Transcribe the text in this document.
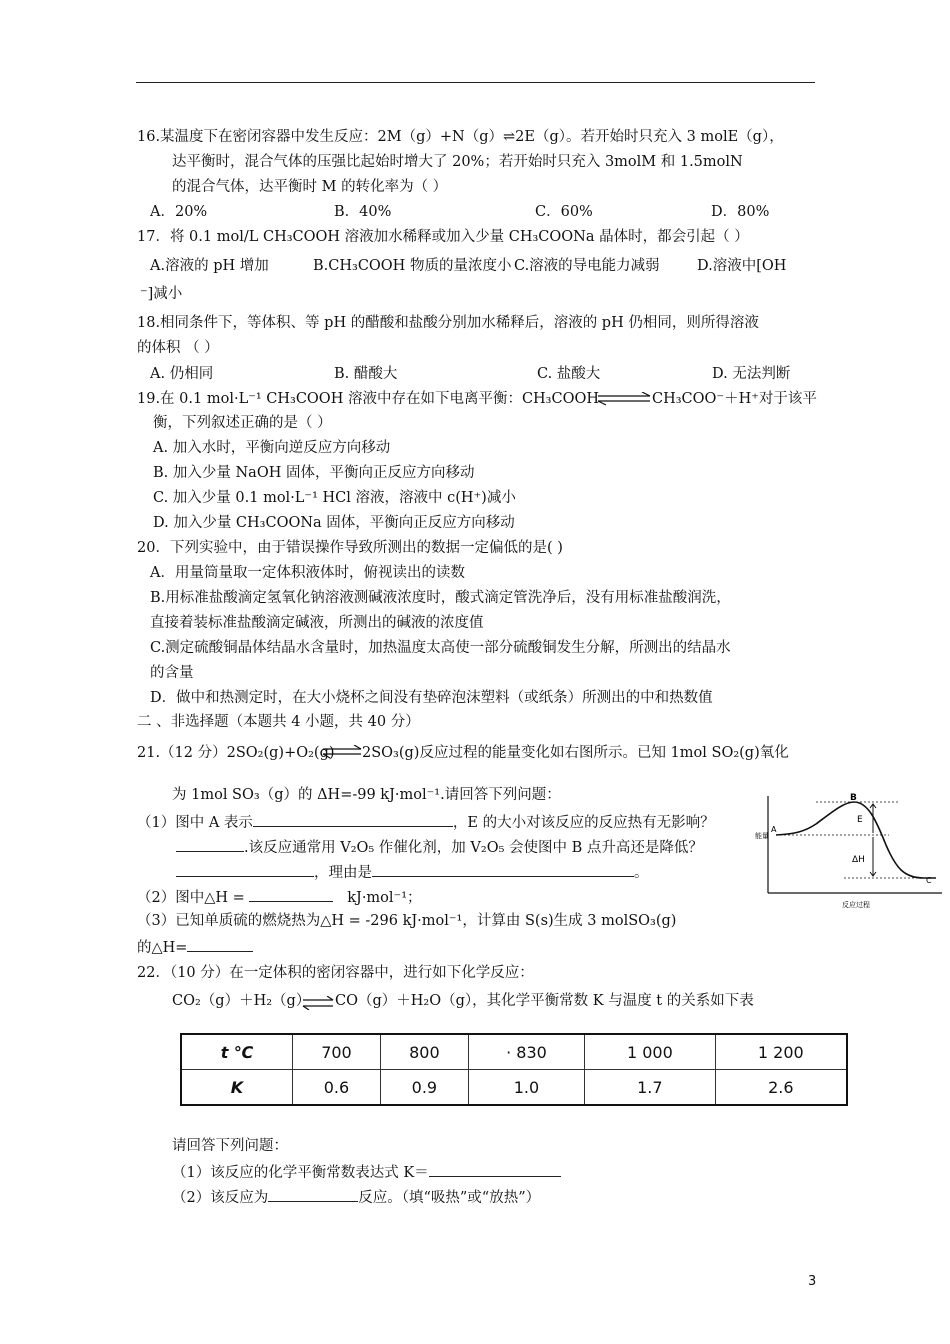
16.某温度下在密闭容器中发生反应：2M（g）+N（g）⇌2E（g）。若开始时只充入 3 molE（g），
达平衡时，混合气体的压强比起始时增大了 20%；若开始时只充入 3molM 和 1.5molN
的混合气体，达平衡时 M 的转化率为（ ）
A．20%	B．40%	C．60%	D．80%
17．将 0.1 mol/L CH₃COOH 溶液加水稀释或加入少量 CH₃COONa 晶体时，都会引起（ ）
A.溶液的 pH 增加	B.CH₃COOH 物质的量浓度小 C.溶液的导电能力减弱	D.溶液中[OH
⁻]减小
18.相同条件下，等体积、等 pH 的醋酸和盐酸分别加水稀释后，溶液的 pH 仍相同，则所得溶液
的体积 （ ）
A. 仍相同	B. 醋酸大	C. 盐酸大	D. 无法判断
19.在 0.1 mol·L⁻¹ CH₃COOH 溶液中存在如下电离平衡：CH₃COOH ⇌ CH₃COO⁻＋H⁺对于该平
衡，下列叙述正确的是（ ）
A. 加入水时，平衡向逆反应方向移动
B. 加入少量 NaOH 固体，平衡向正反应方向移动
C. 加入少量 0.1 mol·L⁻¹ HCl 溶液，溶液中 c(H⁺)减小
D. 加入少量 CH₃COONa 固体，平衡向正反应方向移动
20．下列实验中，由于错误操作导致所测出的数据一定偏低的是( )
A．用量筒量取一定体积液体时，俯视读出的读数
B.用标准盐酸滴定氢氧化钠溶液测碱液浓度时，酸式滴定管洗净后，没有用标准盐酸润洗，
直接着装标准盐酸滴定碱液，所测出的碱液的浓度值
C.测定硫酸铜晶体结晶水含量时，加热温度太高使一部分硫酸铜发生分解，所测出的结晶水
的含量
D．做中和热测定时，在大小烧杯之间没有垫碎泡沫塑料（或纸条）所测出的中和热数值
二 、非选择题（本题共 4 小题，共 40 分）
21.（12 分）2SO₂(g)+O₂(g) ⇌ 2SO₃(g)反应过程的能量变化如右图所示。已知 1mol SO₂(g)氧化
为 1mol SO₃（g）的 ΔH=-99 kJ·mol⁻¹.请回答下列问题：
（1）图中 A 表示	，E 的大小对该反应的反应热有无影响？
.该反应通常用 V₂O₅ 作催化剂，加 V₂O₅ 会使图中 B 点升高还是降低？
，理由是	。
（2）图中△H =	kJ·mol⁻¹；
（3）已知单质硫的燃烧热为△H = -296 kJ·mol⁻¹，计算由 S(s)生成 3 molSO₃(g)
的△H=
能量
A
B
C
E
ΔH
反应过程
22．（10 分）在一定体积的密闭容器中，进行如下化学反应：
CO₂（g）＋H₂（g） ⇌ CO（g）＋H₂O（g），其化学平衡常数 K 与温度 t 的关系如下表
t ℃	700	800	· 830	1 000	1 200
K	0.6	0.9	1.0	1.7	2.6
请回答下列问题：
（1）该反应的化学平衡常数表达式 K＝
（2）该反应为	反应。（填“吸热”或“放热”）
3
